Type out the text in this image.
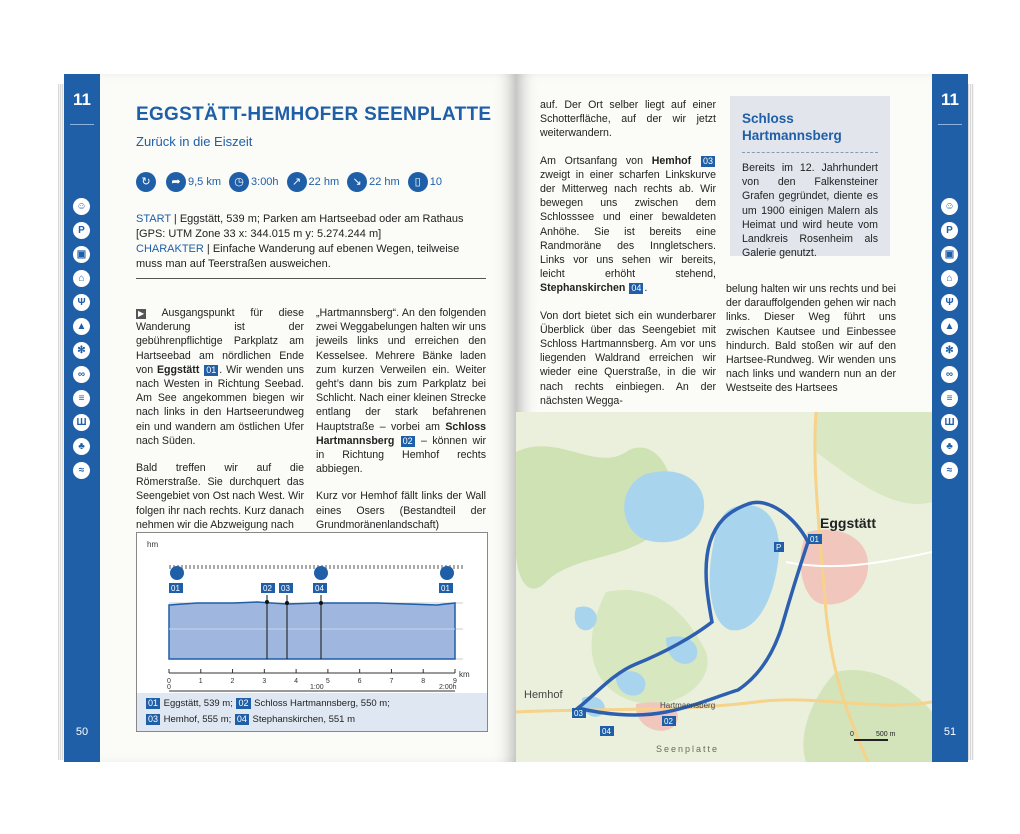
11
☺
P
▣
⌂
Ψ
▲
✻
∞
≡
Ш
♣
≈
50
EGGSTÄTT-HEMHOFER SEENPLATTE
Zurück in die Eiszeit
↻	➦ 9,5 km	◷ 3:00h	↗ 22 hm	↘ 22 hm	▯ 10
START | Eggstätt, 539 m; Parken am Hartseebad oder am Rathaus [GPS: UTM Zone 33 x: 344.015 m y: 5.274.244 m]
CHARAKTER | Einfache Wanderung auf ebenen Wegen, teilweise muss man auf Teerstraßen ausweichen.

▶ Ausgangspunkt für diese Wanderung ist der gebührenpflichtige Parkplatz am Hartseebad am nördlichen Ende von Eggstätt 01 . Wir wenden uns nach Westen in Richtung Seebad. Am See angekommen biegen wir nach links in den Hartseerundweg ein und wandern am östlichen Ufer nach Süden.

Bald treffen wir auf die Römerstraße. Sie durchquert das Seengebiet von Ost nach West. Wir folgen ihr nach rechts. Kurz danach nehmen wir die Abzweigung nach

„Hartmannsberg“. An den folgenden zwei Weggabelungen halten wir uns jeweils links und erreichen den Kesselsee. Mehrere Bänke laden zum kurzen Verweilen ein. Weiter geht’s dann bis zum Parkplatz bei Schlicht. Nach einer kleinen Strecke entlang der stark befahrenen Hauptstraße – vorbei am Schloss Hartmannsberg 02 – können wir in Richtung Hemhof rechts abbiegen.

Kurz vor Hemhof fällt links der Wall eines Osers (Bestandteil der Grundmoränenlandschaft)

hm
01	02 03	04	01
0	1	2	3	4	5	6	7	8	9
km
0	1:00	2:00h
01 Eggstätt, 539 m; 02 Schloss Hartmannsberg, 550 m;
03 Hemhof, 555 m; 04 Stephanskirchen, 551 m

auf. Der Ort selber liegt auf einer Schotterfläche, auf der wir jetzt weiterwandern.

Am Ortsanfang von Hemhof 03 zweigt in einer scharfen Linkskurve der Mitterweg nach rechts ab. Wir bewegen uns zwischen dem Schlosssee und einer bewaldeten Anhöhe. Sie ist bereits eine Randmoräne des Inngletschers. Links vor uns sehen wir bereits, leicht erhöht stehend, Stephanskirchen 04 .

Von dort bietet sich ein wunderbarer Überblick über das Seengebiet mit Schloss Hartmannsberg. Am vor uns liegenden Waldrand erreichen wir wieder eine Querstraße, in die wir nach rechts einbiegen. An der nächsten Wegga-

Schloss
Hartmannsberg
Bereits im 12. Jahrhundert von den Falkensteiner Grafen gegründet, diente es um 1900 einigen Malern als Heimat und wird heute vom Landkreis Rosenheim als Galerie genutzt.

belung halten wir uns rechts und bei der darauffolgenden gehen wir nach links. Dieser Weg führt uns zwischen Kautsee und Einbessee hindurch. Bald stoßen wir auf den Hartsee-Rundweg. Wir wenden uns nach links und wandern nun an der Westseite des Hartsees

01
03
02
04
P
Eggstätt
Hemhof
Hartmannsberg
Seenplatte
0	500 m
11
☺
P
▣
⌂
Ψ
▲
✻
∞
≡
Ш
♣
≈
51
